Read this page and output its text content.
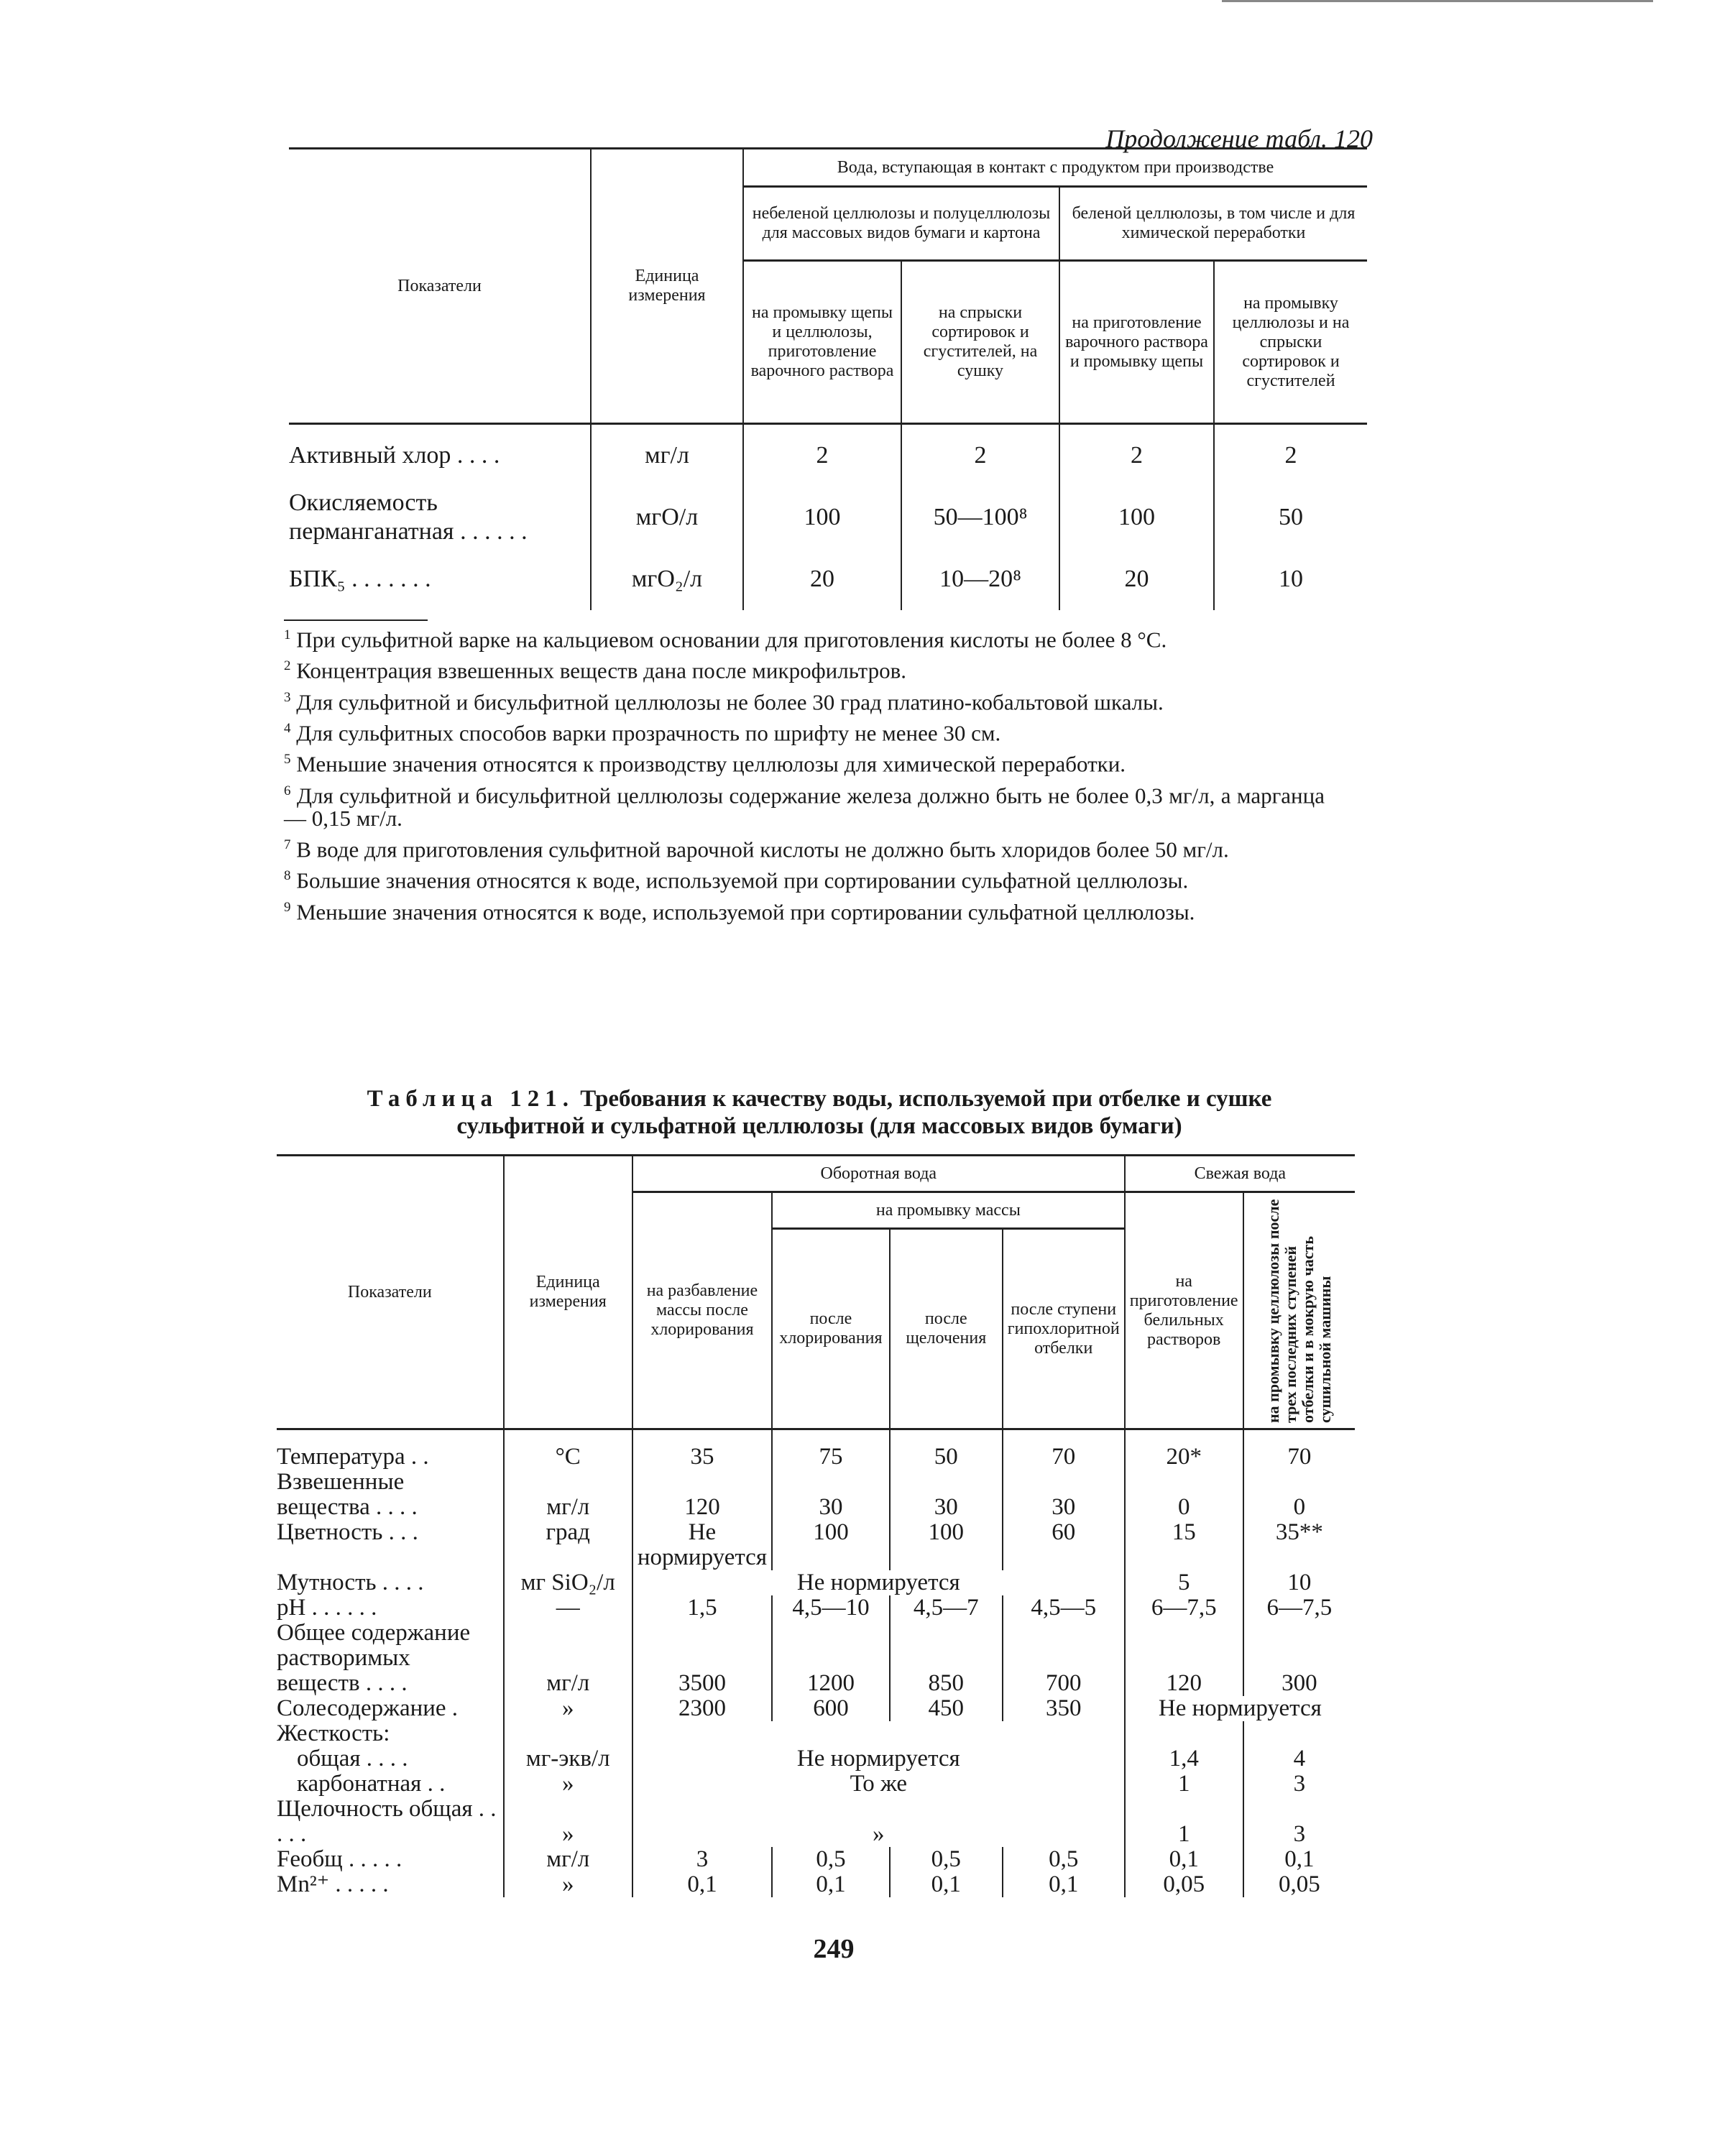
Продолжение табл. 120
Показатели	Единица измерения	Вода, вступающая в контакт с продуктом при производстве			
		небеленой целлюлозы и полуцеллюлозы для массовых видов бумаги и картона		беленой целлюлозы, в том числе и для химической переработки	
		на промывку щепы и целлюлозы, приготовление варочного раствора	на спрыски сортировок и сгустителей, на сушку	на приготовление варочного раствора и промывку щепы	на промывку целлюлозы и на спрыски сортировок и сгустителей
Активный хлор . . . .	мг/л	2	2	2	2
Окисляемость перманганатная . . . . . .	мгО/л	100	50—100⁸	100	50
БПК₅ . . . . . . .	мгО₂/л	20	10—20⁸	20	10

$^1$ При сульфитной варке на кальциевом основании для приготовления кислоты не более 8 °С.

$^2$ Концентрация взвешенных веществ дана после микрофильтров.

$^3$ Для сульфитной и бисульфитной целлюлозы не более 30 град платино-кобальтовой шкалы.

$^4$ Для сульфитных способов варки прозрачность по шрифту не менее 30 см.

$^5$ Меньшие значения относятся к производству целлюлозы для химической переработки.

$^6$ Для сульфитной и бисульфитной целлюлозы содержание железа должно быть не более 0,3 мг/л, а марганца — 0,15 мг/л.

$^7$ В воде для приготовления сульфитной варочной кислоты не должно быть хлоридов более 50 мг/л.

$^8$ Большие значения относятся к воде, используемой при сортировании сульфатной целлюлозы.

$^9$ Меньшие значения относятся к воде, используемой при сортировании сульфатной целлюлозы.

Таблица 121. Требования к качеству воды, используемой при отбелке и сушке сульфитной и сульфатной целлюлозы (для массовых видов бумаги)
Показатели	Единица измерения	Оборотная вода				Свежая вода	
		на разбавление массы после хлорирования	на промывку массы			на приготовление белильных растворов	на промывку целлюлозы после трех последних ступеней отбелки и в мокрую часть сушильной машины
			после хлорирования	после щелочения	после ступени гипохлоритной отбелки		
Температура . .	°С	35	75	50	70	20*	70
Взвешенные вещества . . . .	мг/л	120	30	30	30	0	0
Цветность . . .	град	Не нормируется	100	100	60	15	35**
Мутность . . . .	мг SiO₂/л	Не нормируется				5	10
pH . . . . . .	—	1,5	4,5—10	4,5—7	4,5—5	6—7,5	6—7,5
Общее содержание растворимых веществ . . . .	мг/л	3500	1200	850	700	120	300
Солесодержание .	»	2300	600	450	350	Не нормируется	
Жесткость:							
общая . . . .	мг-экв/л	Не нормируется				1,4	4
карбонатная . .	»	То же				1	3
Щелочность общая . . . . .	»	»				1	3
Feобщ . . . . .	мг/л	3	0,5	0,5	0,5	0,1	0,1
Mn²⁺ . . . . .	»	0,1	0,1	0,1	0,1	0,05	0,05
249
